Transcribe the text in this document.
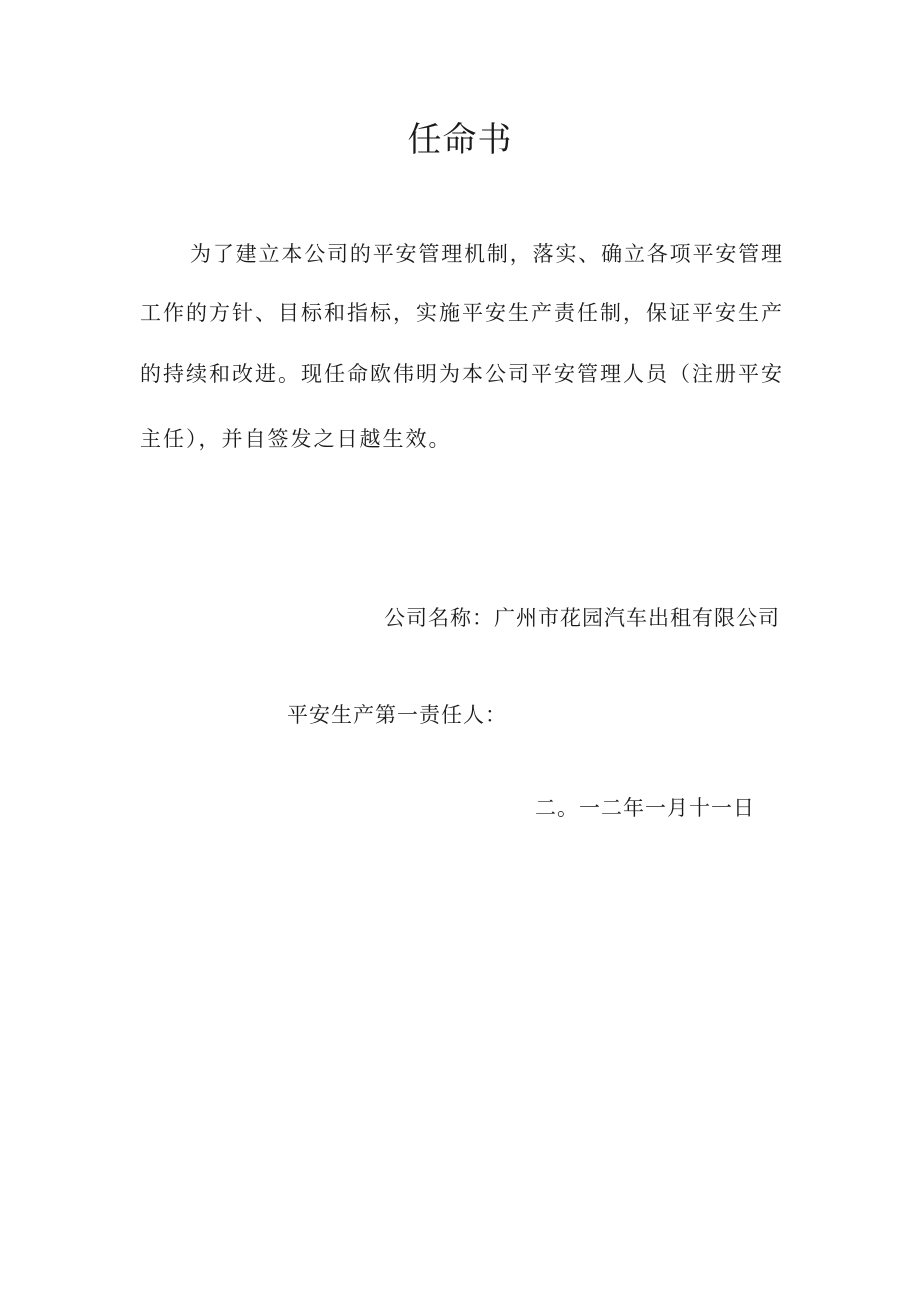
任命书
为了建立本公司的平安管理机制，落实、确立各项平安管理
工作的方针、目标和指标，实施平安生产责任制，保证平安生产
的持续和改进。现任命欧伟明为本公司平安管理人员（注册平安
主任），并自签发之日越生效。
公司名称：广州市花园汽车出租有限公司
平安生产第一责任人：
二。一二年一月十一日
